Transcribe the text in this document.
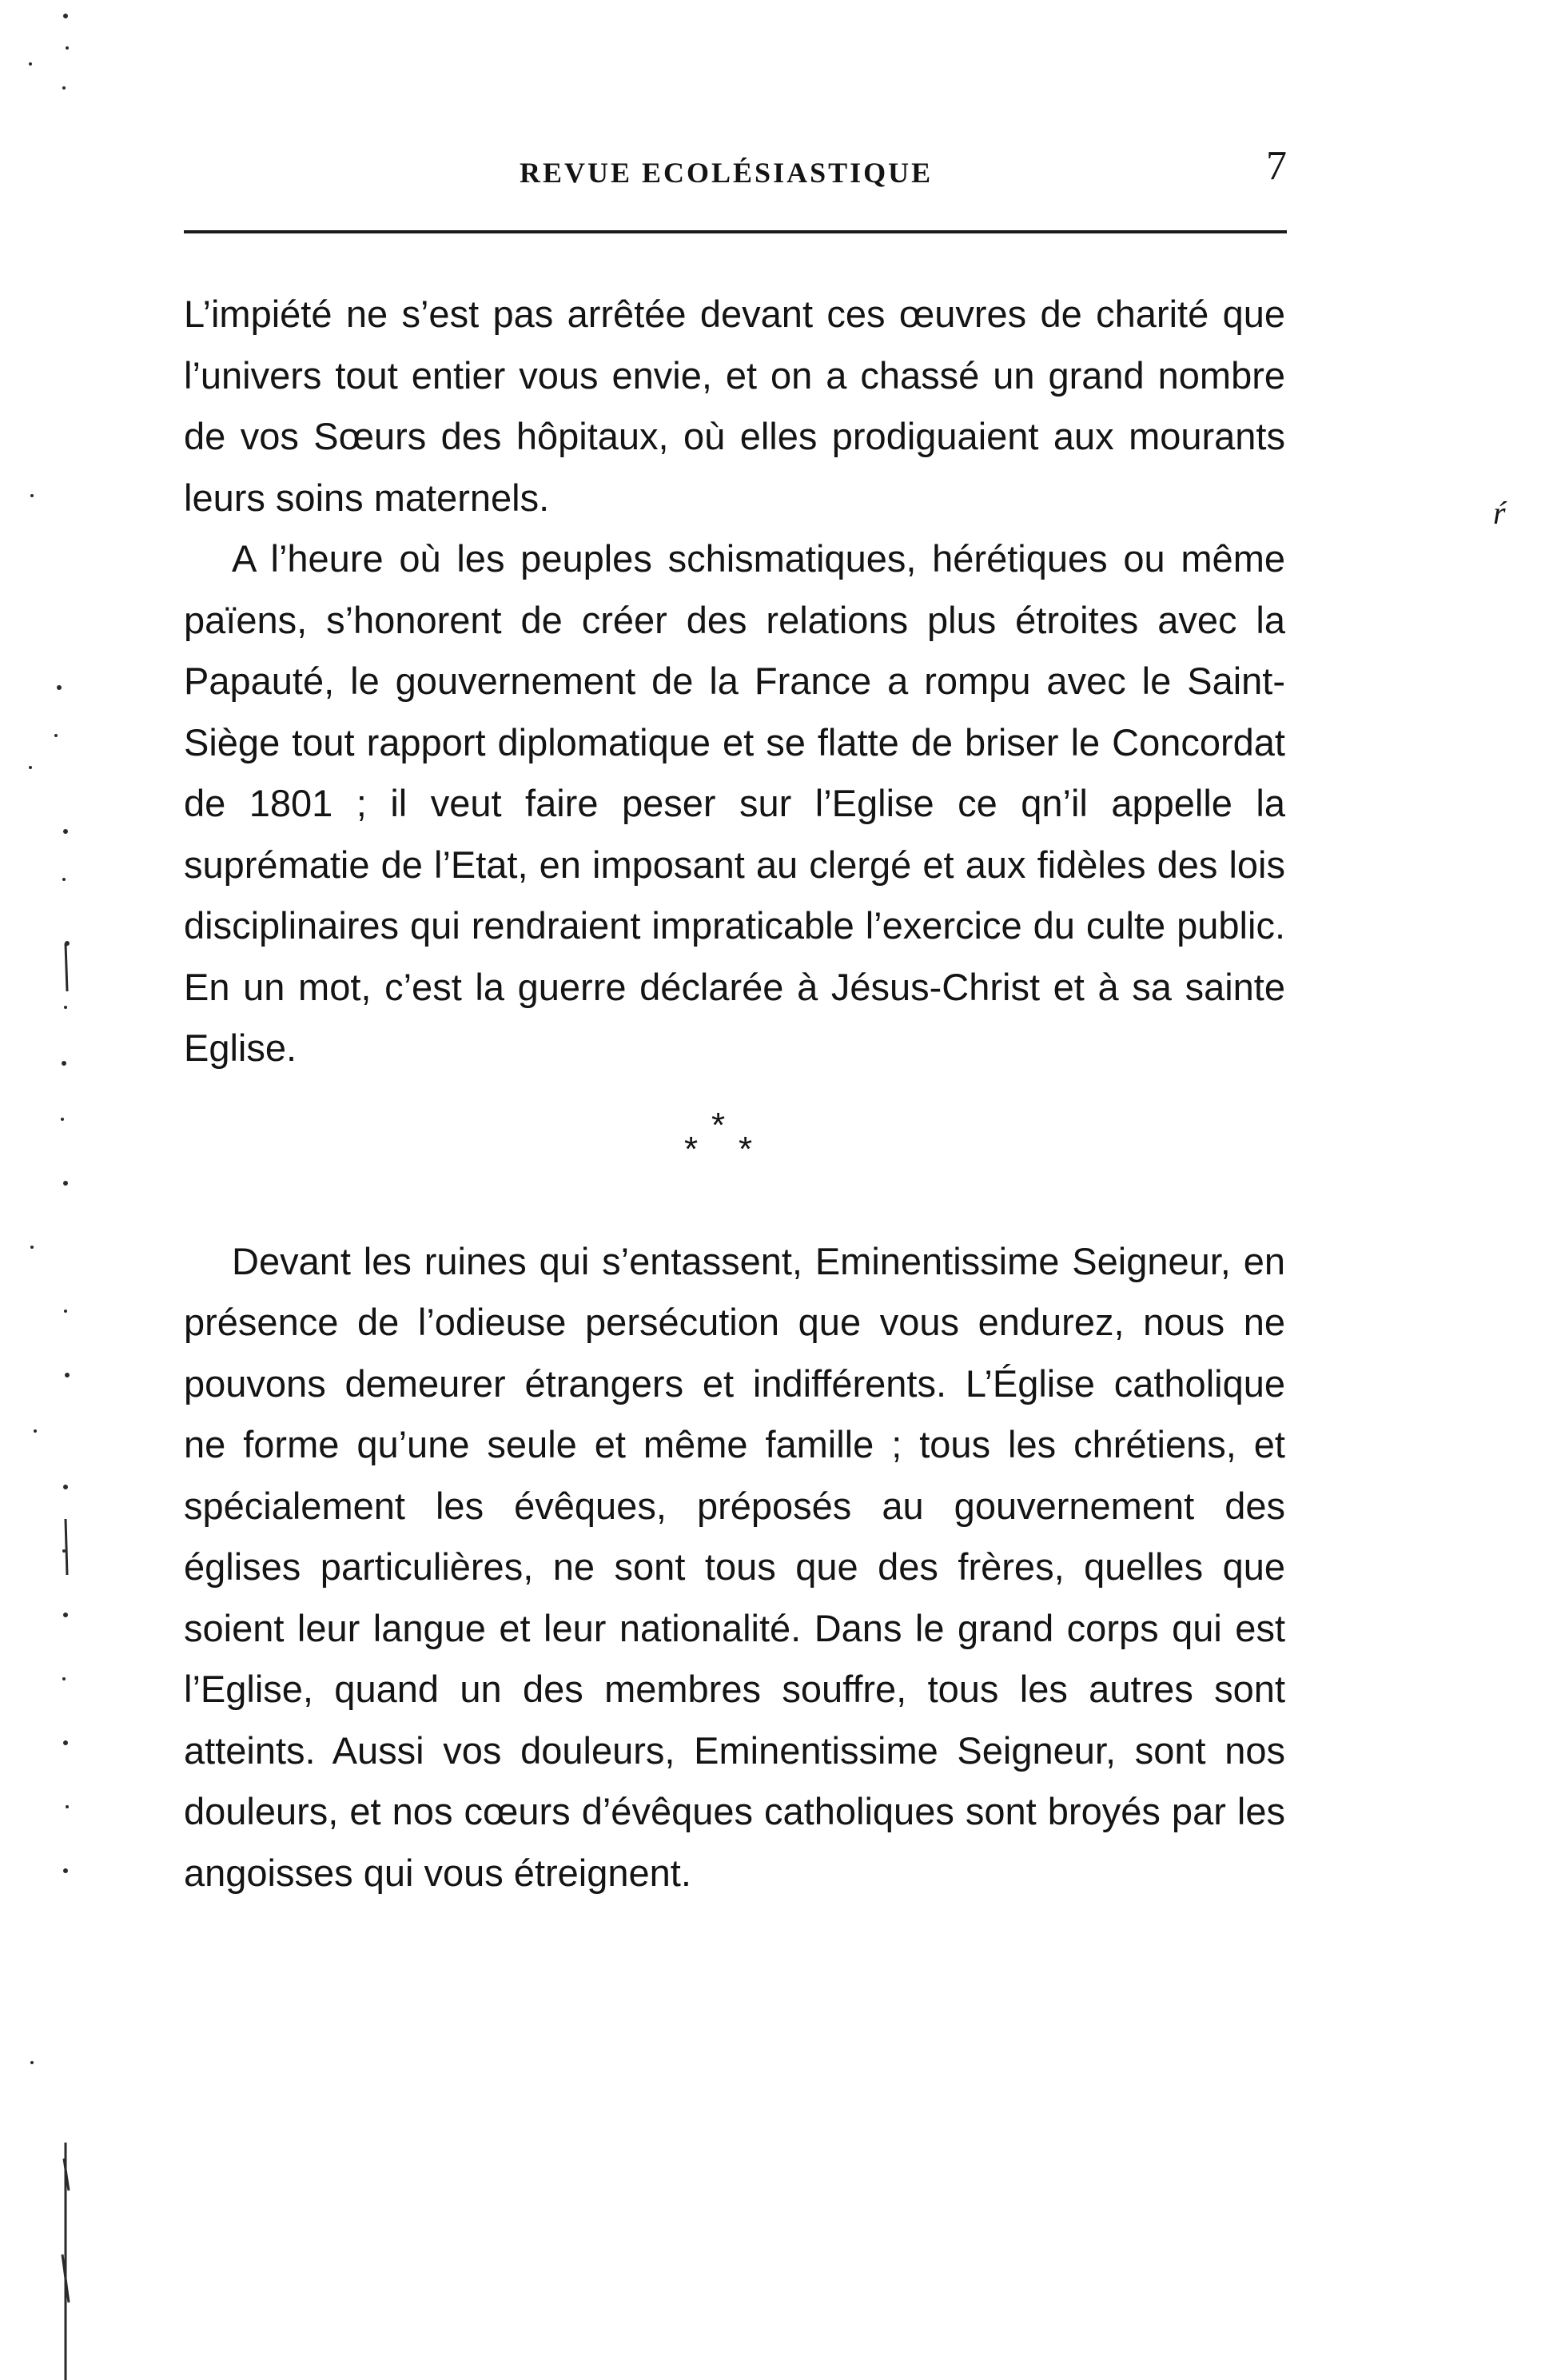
REVUE ECOLÉSIASTIQUE	7

L’impiété ne s’est pas arrêtée devant ces œuvres de charité que l’univers tout entier vous envie, et on a chassé un grand nombre de vos Sœurs des hôpitaux, où elles prodiguaient aux mourants leurs soins maternels.

A l’heure où les peuples schismatiques, hérétiques ou même païens, s’honorent de créer des relations plus étroites avec la Papauté, le gouvernement de la France a rompu avec le Saint-Siège tout rapport diplomatique et se flatte de briser le Concordat de 1801 ; il veut faire peser sur l’Eglise ce qn’il appelle la suprématie de l’Etat, en imposant au clergé et aux fidèles des lois disciplinaires qui rendraient impraticable l’exercice du culte public. En un mot, c’est la guerre déclarée à Jésus-Christ et à sa sainte Eglise.

*
* *

Devant les ruines qui s’entassent, Eminentissime Seigneur, en présence de l’odieuse persécution que vous endurez, nous ne pouvons demeurer étrangers et indifférents. L’Église catholique ne forme qu’une seule et même famille ; tous les chrétiens, et spécialement les évêques, préposés au gouvernement des églises particulières, ne sont tous que des frères, quelles que soient leur langue et leur nationalité. Dans le grand corps qui est l’Eglise, quand un des membres souffre, tous les autres sont atteints. Aussi vos douleurs, Eminentissime Seigneur, sont nos douleurs, et nos cœurs d’évêques catholiques sont broyés par les angoisses qui vous étreignent.

ŕ
